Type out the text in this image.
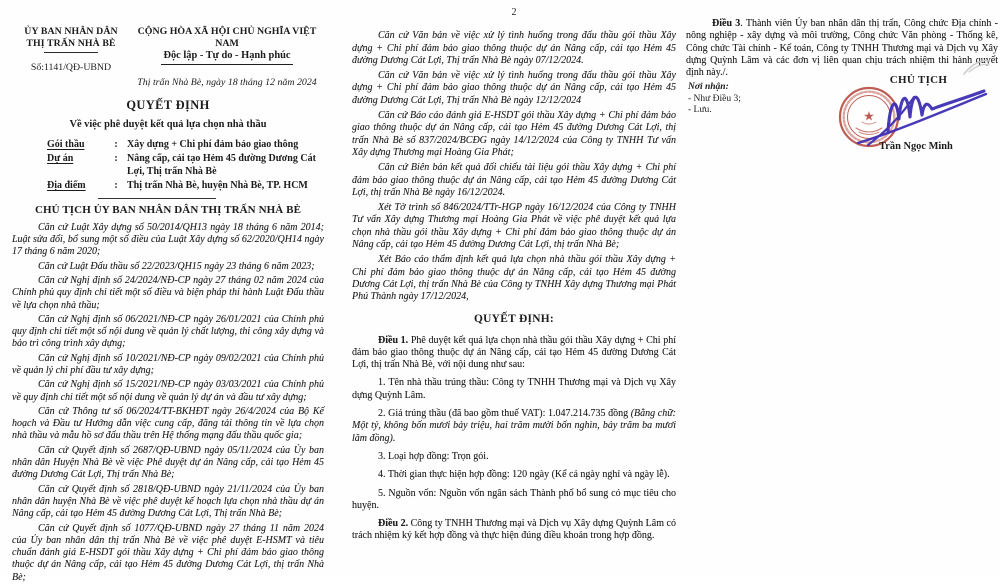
ỦY BAN NHÂN DÂN
THỊ TRẤN NHÀ BÈ
Số:1141/QĐ-UBND
CỘNG HÒA XÃ HỘI CHỦ NGHĨA VIỆT NAM
Độc lập - Tự do - Hạnh phúc
Thị trấn Nhà Bè, ngày 18 tháng 12 năm 2024
QUYẾT ĐỊNH
Về việc phê duyệt kết quả lựa chọn nhà thầu
Gói thầu	: Xây dựng + Chi phí đảm bảo giao thông
Dự án	: Nâng cấp, cải tạo Hẻm 45 đường Dương Cát Lợi, Thị trấn Nhà Bè
Địa điểm	: Thị trấn Nhà Bè, huyện Nhà Bè, TP. HCM
CHỦ TỊCH ỦY BAN NHÂN DÂN THỊ TRẤN NHÀ BÈ

Căn cứ Luật Xây dựng số 50/2014/QH13 ngày 18 tháng 6 năm 2014; Luật sửa đổi, bổ sung một số điều của Luật Xây dựng số 62/2020/QH14 ngày 17 tháng 6 năm 2020;

Căn cứ Luật Đấu thầu số 22/2023/QH15 ngày 23 tháng 6 năm 2023;

Căn cứ Nghị định số 24/2024/NĐ-CP ngày 27 tháng 02 năm 2024 của Chính phủ quy định chi tiết một số điều và biện pháp thi hành Luật Đấu thầu về lựa chọn nhà thầu;

Căn cứ Nghị định số 06/2021/NĐ-CP ngày 26/01/2021 của Chính phủ quy định chi tiết một số nội dung về quản lý chất lượng, thi công xây dựng và bảo trì công trình xây dựng;

Căn cứ Nghị định số 10/2021/NĐ-CP ngày 09/02/2021 của Chính phủ về quản lý chi phí đầu tư xây dựng;

Căn cứ Nghị định số 15/2021/NĐ-CP ngày 03/03/2021 của Chính phủ về quy định chi tiết một số nội dung về quản lý dự án và đầu tư xây dựng;

Căn cứ Thông tư số 06/2024/TT-BKHĐT ngày 26/4/2024 của Bộ Kế hoạch và Đầu tư Hướng dẫn việc cung cấp, đăng tải thông tin về lựa chọn nhà thầu và mẫu hồ sơ đấu thầu trên Hệ thống mạng đấu thầu quốc gia;

Căn cứ Quyết định số 2687/QĐ-UBND ngày 05/11/2024 của Ủy ban nhân dân Huyện Nhà Bè về việc Phê duyệt dự án Nâng cấp, cải tạo Hẻm 45 đường Dương Cát Lợi, Thị trấn Nhà Bè;

Căn cứ Quyết định số 2818/QĐ-UBND ngày 21/11/2024 của Ủy ban nhân dân huyện Nhà Bè về việc phê duyệt kế hoạch lựa chọn nhà thầu dự án Nâng cấp, cải tạo Hẻm 45 đường Dương Cát Lợi, Thị trấn Nhà Bè;

Căn cứ Quyết định số 1077/QĐ-UBND ngày 27 tháng 11 năm 2024 của Ủy ban nhân dân thị trấn Nhà Bè về việc phê duyệt E-HSMT và tiêu chuẩn đánh giá E-HSDT gói thầu Xây dựng + Chi phí đảm bảo giao thông thuộc dự án Nâng cấp, cải tạo Hẻm 45 đường Dương Cát Lợi, thị trấn Nhà Bè;

2

Căn cứ Văn bản về việc xử lý tình huống trong đấu thầu gói thầu Xây dựng + Chi phí đảm bảo giao thông thuộc dự án Nâng cấp, cải tạo Hẻm 45 đường Dương Cát Lợi, Thị trấn Nhà Bè ngày 07/12/2024.

Căn cứ Văn bản về việc xử lý tình huống trong đấu thầu gói thầu Xây dựng + Chi phí đảm bảo giao thông thuộc dự án Nâng cấp, cải tạo Hẻm 45 đường Dương Cát Lợi, Thị trấn Nhà Bè ngày 12/12/2024

Căn cứ Báo cáo đánh giá E-HSDT gói thầu Xây dựng + Chi phí đảm bảo giao thông thuộc dự án Nâng cấp, cải tạo Hẻm 45 đường Dương Cát Lợi, thị trấn Nhà Bè số 837/2024/BCĐG ngày 14/12/2024 của Công ty TNHH Tư vấn Xây dựng Thương mại Hoàng Gia Phát;

Căn cứ Biên bản kết quả đối chiếu tài liệu gói thầu Xây dựng + Chi phí đảm bảo giao thông thuộc dự án Nâng cấp, cải tạo Hẻm 45 đường Dương Cát Lợi, thị trấn Nhà Bè ngày 16/12/2024.

Xét Tờ trình số 846/2024/TTr-HGP ngày 16/12/2024 của Công ty TNHH Tư vấn Xây dựng Thương mại Hoàng Gia Phát về việc phê duyệt kết quả lựa chọn nhà thầu gói thầu Xây dựng + Chi phí đảm bảo giao thông thuộc dự án Nâng cấp, cải tạo Hẻm 45 đường Dương Cát Lợi, thị trấn Nhà Bè;

Xét Báo cáo thẩm định kết quả lựa chọn nhà thầu gói thầu Xây dựng + Chi phí đảm bảo giao thông thuộc dự án Nâng cấp, cải tạo Hẻm 45 đường Dương Cát Lợi, thị trấn Nhà Bè của Công ty TNHH Xây dựng Thương mại Phát Phú Thành ngày 17/12/2024,

QUYẾT ĐỊNH:

Điều 1. Phê duyệt kết quả lựa chọn nhà thầu gói thầu Xây dựng + Chi phí đảm bảo giao thông thuộc dự án Nâng cấp, cải tạo Hẻm 45 đường Dương Cát Lợi, thị trấn Nhà Bè, với nội dung như sau:

1. Tên nhà thầu trúng thầu: Công ty TNHH Thương mại và Dịch vụ Xây dựng Quỳnh Lâm.

2. Giá trúng thầu (đã bao gồm thuế VAT): 1.047.214.735 đồng (Bằng chữ: Một tỷ, không bốn mươi bảy triệu, hai trăm mười bốn nghìn, bảy trăm ba mươi lăm đồng).

3. Loại hợp đồng: Trọn gói.

4. Thời gian thực hiện hợp đồng: 120 ngày (Kể cả ngày nghỉ và ngày lễ).

5. Nguồn vốn: Nguồn vốn ngân sách Thành phố bổ sung có mục tiêu cho huyện.

Điều 2. Công ty TNHH Thương mại và Dịch vụ Xây dựng Quỳnh Lâm có trách nhiệm ký kết hợp đồng và thực hiện đúng điều khoản trong hợp đồng.

Điều 3. Thành viên Ủy ban nhân dân thị trấn, Công chức Địa chính - nông nghiệp - xây dựng và môi trường, Công chức Văn phòng - Thống kê, Công chức Tài chính - Kế toán, Công ty TNHH Thương mại và Dịch vụ Xây dựng Quỳnh Lâm và các đơn vị liên quan chịu trách nhiệm thi hành quyết định này./.

Nơi nhận:
- Như Điều 3;
- Lưu.
CHỦ TỊCH
★
Trần Ngọc Minh
